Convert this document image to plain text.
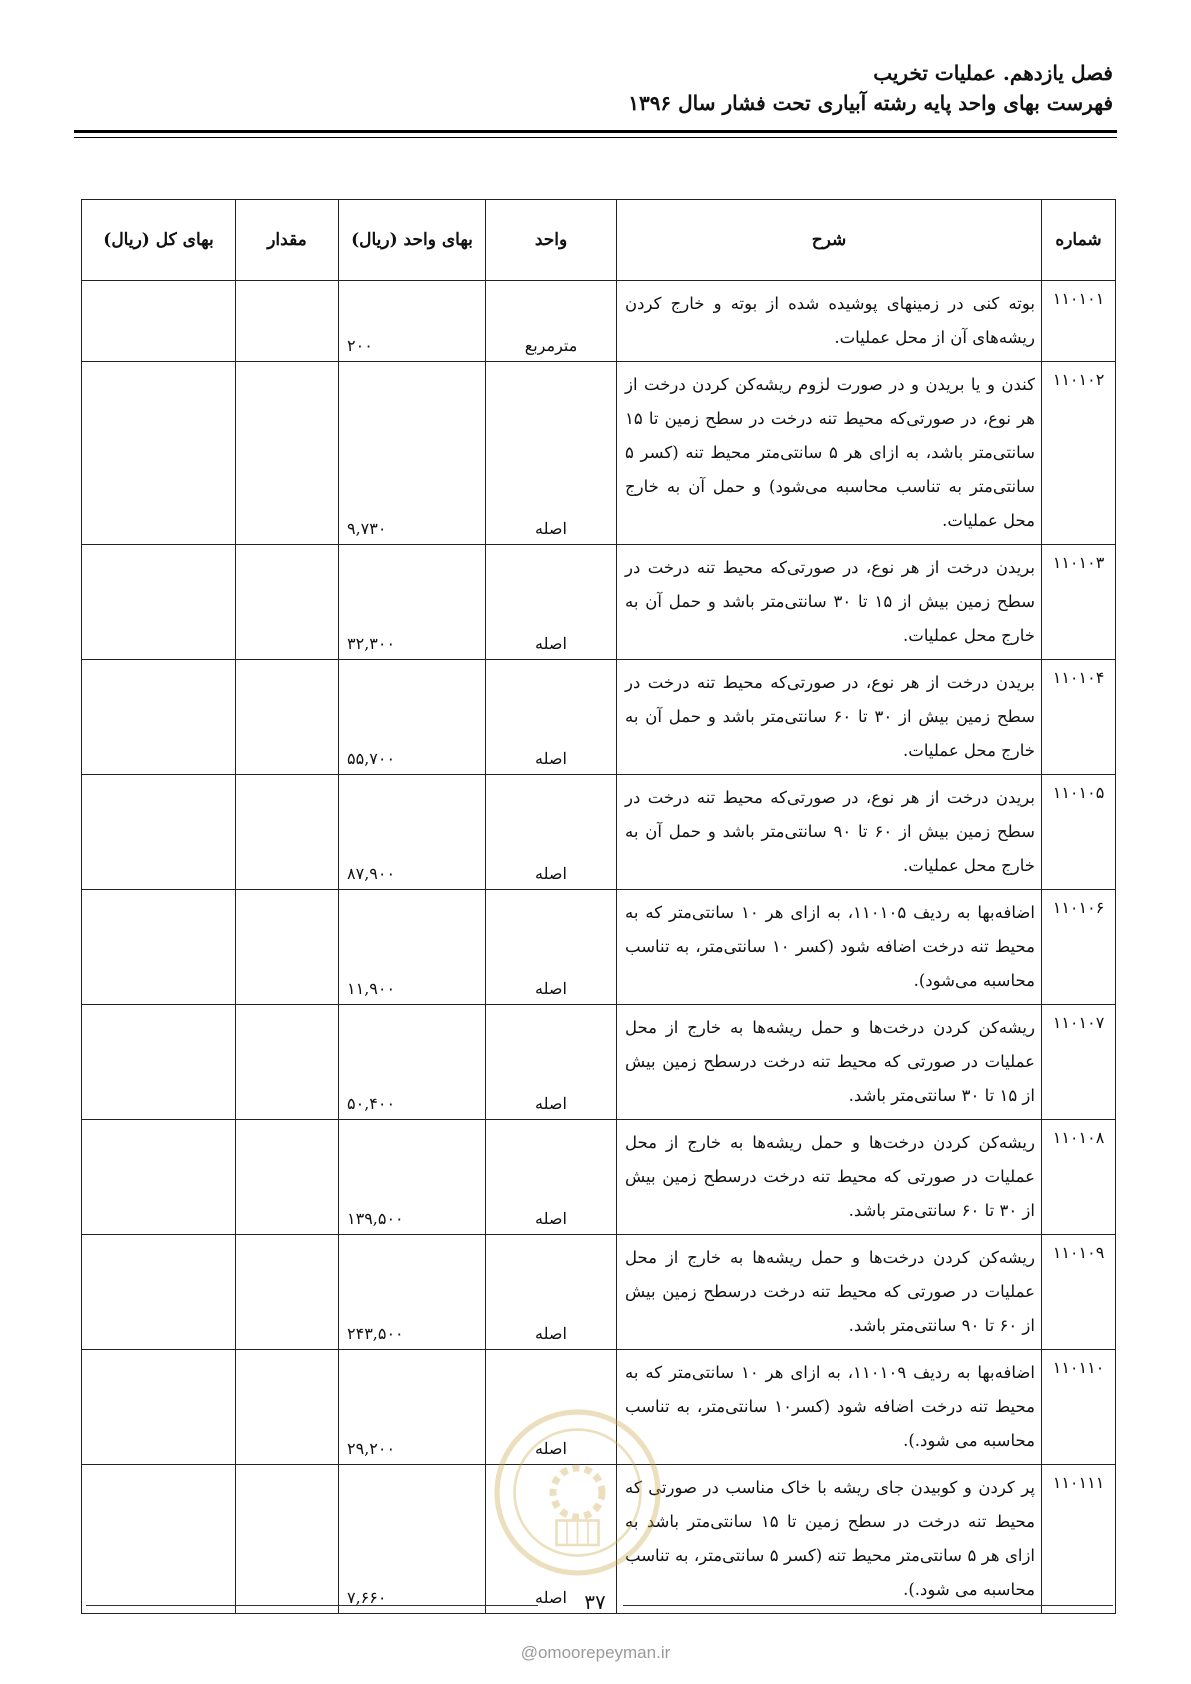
فصل یازدهم. عملیات تخریب

فهرست بهای واحد پایه رشته آبیاری تحت فشار سال ۱۳۹۶

شماره	شرح	واحد	بهای واحد (ریال)	مقدار	بهای کل (ریال)
۱۱۰۱۰۱	بوته کنی در زمینهای پوشیده شده از بوته و خارج کردن ریشه‌های آن از محل عملیات.	مترمربع	۲۰۰		
۱۱۰۱۰۲	کندن و یا بریدن و در صورت لزوم ریشه‌کن کردن درخت از هر نوع، در صورتی‌که محیط تنه درخت در سطح زمین تا ۱۵ سانتی‌متر باشد، به ازای هر ۵ سانتی‌متر محیط تنه (کسر ۵ سانتی‌متر به تناسب محاسبه می‌شود) و حمل آن به خارج محل عملیات.	اصله	۹,۷۳۰		
۱۱۰۱۰۳	بریدن درخت از هر نوع، در صورتی‌که محیط تنه درخت در سطح زمین بیش از ۱۵ تا ۳۰ سانتی‌متر باشد و حمل آن به خارج محل عملیات.	اصله	۳۲,۳۰۰		
۱۱۰۱۰۴	بریدن درخت از هر نوع، در صورتی‌که محیط تنه درخت در سطح زمین بیش از ۳۰ تا ۶۰ سانتی‌متر باشد و حمل آن به خارج محل عملیات.	اصله	۵۵,۷۰۰		
۱۱۰۱۰۵	بریدن درخت از هر نوع، در صورتی‌که محیط تنه درخت در سطح زمین بیش از ۶۰ تا ۹۰ سانتی‌متر باشد و حمل آن به خارج محل عملیات.	اصله	۸۷,۹۰۰		
۱۱۰۱۰۶	اضافه‌بها به ردیف ۱۱۰۱۰۵، به ازای هر ۱۰ سانتی‌متر که به محیط تنه درخت اضافه شود (کسر ۱۰ سانتی‌متر، به تناسب محاسبه می‌شود).	اصله	۱۱,۹۰۰		
۱۱۰۱۰۷	ریشه‌کن کردن درخت‌ها و حمل ریشه‌ها به خارج از محل عملیات در صورتی که محیط تنه درخت درسطح زمین بیش از ۱۵ تا ۳۰ سانتی‌متر باشد.	اصله	۵۰,۴۰۰		
۱۱۰۱۰۸	ریشه‌کن کردن درخت‌ها و حمل ریشه‌ها به خارج از محل عملیات در صورتی که محیط تنه درخت درسطح زمین بیش از ۳۰ تا ۶۰ سانتی‌متر باشد.	اصله	۱۳۹,۵۰۰		
۱۱۰۱۰۹	ریشه‌کن کردن درخت‌ها و حمل ریشه‌ها به خارج از محل عملیات در صورتی که محیط تنه درخت درسطح زمین بیش از ۶۰ تا ۹۰ سانتی‌متر باشد.	اصله	۲۴۳,۵۰۰		
۱۱۰۱۱۰	اضافه‌بها به ردیف ۱۱۰۱۰۹، به ازای هر ۱۰ سانتی‌متر که به محیط تنه درخت اضافه شود (کسر۱۰ سانتی‌متر، به تناسب محاسبه می شود.).	اصله	۲۹,۲۰۰		
۱۱۰۱۱۱	پر کردن و کوبیدن جای ریشه با خاک مناسب در صورتی که محیط تنه درخت در سطح زمین تا ۱۵ سانتی‌متر باشد به ازای هر ۵ سانتی‌متر محیط تنه (کسر ۵ سانتی‌متر، به تناسب محاسبه می شود.).	اصله	۷,۶۶۰			۳۷
@omoorepeyman.ir
